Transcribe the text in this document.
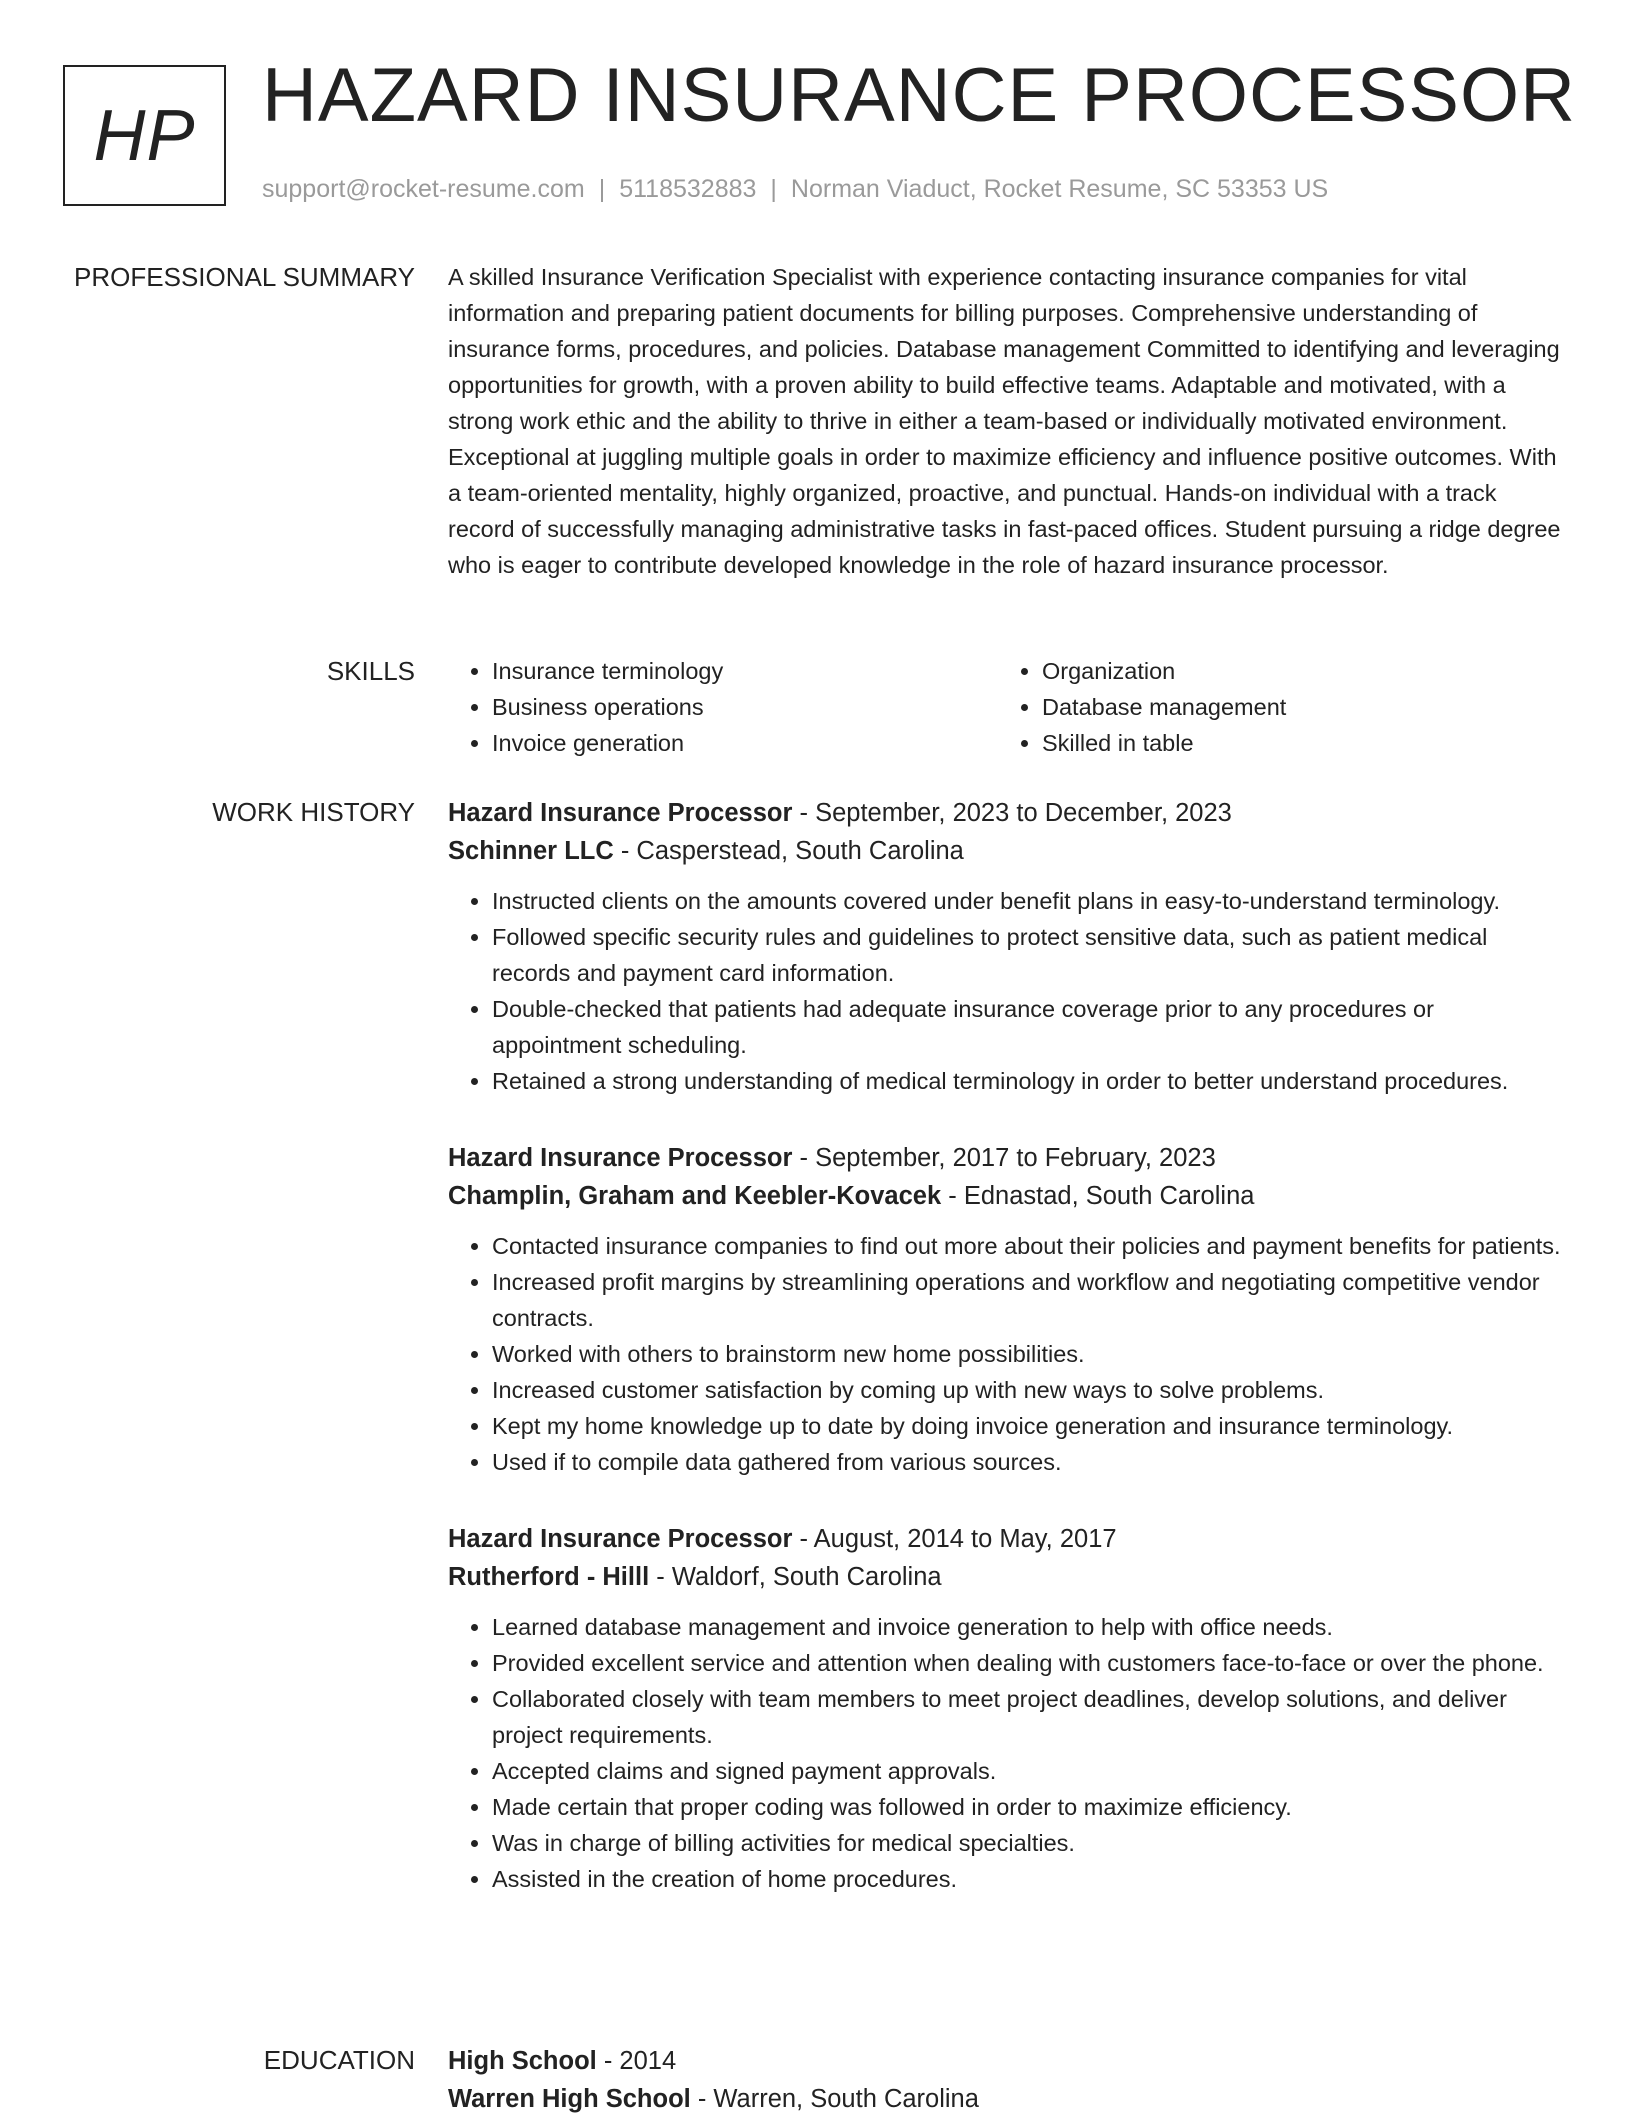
HP HAZARD INSURANCE PROCESSOR
support@rocket-resume.com | 5118532883 | Norman Viaduct, Rocket Resume, SC 53353 US
PROFESSIONAL SUMMARY A skilled Insurance Verification Specialist with experience contacting insurance companies for vital information and preparing patient documents for billing purposes. Comprehensive understanding of insurance forms, procedures, and policies. Database management Committed to identifying and leveraging opportunities for growth, with a proven ability to build effective teams. Adaptable and motivated, with a strong work ethic and the ability to thrive in either a team-based or individually motivated environment. Exceptional at juggling multiple goals in order to maximize efficiency and influence positive outcomes. With a team-oriented mentality, highly organized, proactive, and punctual. Hands-on individual with a track record of successfully managing administrative tasks in fast-paced offices. Student pursuing a ridge degree who is eager to contribute developed knowledge in the role of hazard insurance processor.

SKILLS
•	Insurance terminology
• Business operations
• Invoice generation
• Organization
• Database management
• Skilled in table
WORK HISTORY Hazard Insurance Processor - September, 2023 to December, 2023
Schinner LLC - Casperstead, South Carolina
• Instructed clients on the amounts covered under benefit plans in easy-to-understand terminology.
• Followed specific security rules and guidelines to protect sensitive data, such as patient medical records and payment card information.
• Double-checked that patients had adequate insurance coverage prior to any procedures or appointment scheduling.
• Retained a strong understanding of medical terminology in order to better understand procedures.
Hazard Insurance Processor - September, 2017 to February, 2023
Champlin, Graham and Keebler-Kovacek - Ednastad, South Carolina
• Contacted insurance companies to find out more about their policies and payment benefits for patients.
• Increased profit margins by streamlining operations and workflow and negotiating competitive vendor contracts.
• Worked with others to brainstorm new home possibilities.
• Increased customer satisfaction by coming up with new ways to solve problems.
• Kept my home knowledge up to date by doing invoice generation and insurance terminology.
• Used if to compile data gathered from various sources.
Hazard Insurance Processor - August, 2014 to May, 2017
Rutherford - Hilll - Waldorf, South Carolina
• Learned database management and invoice generation to help with office needs.
• Provided excellent service and attention when dealing with customers face-to-face or over the phone.
• Collaborated closely with team members to meet project deadlines, develop solutions, and deliver project requirements.
• Accepted claims and signed payment approvals.
• Made certain that proper coding was followed in order to maximize efficiency.
• Was in charge of billing activities for medical specialties.
• Assisted in the creation of home procedures.
EDUCATION High School - 2014
Warren High School - Warren, South Carolina
